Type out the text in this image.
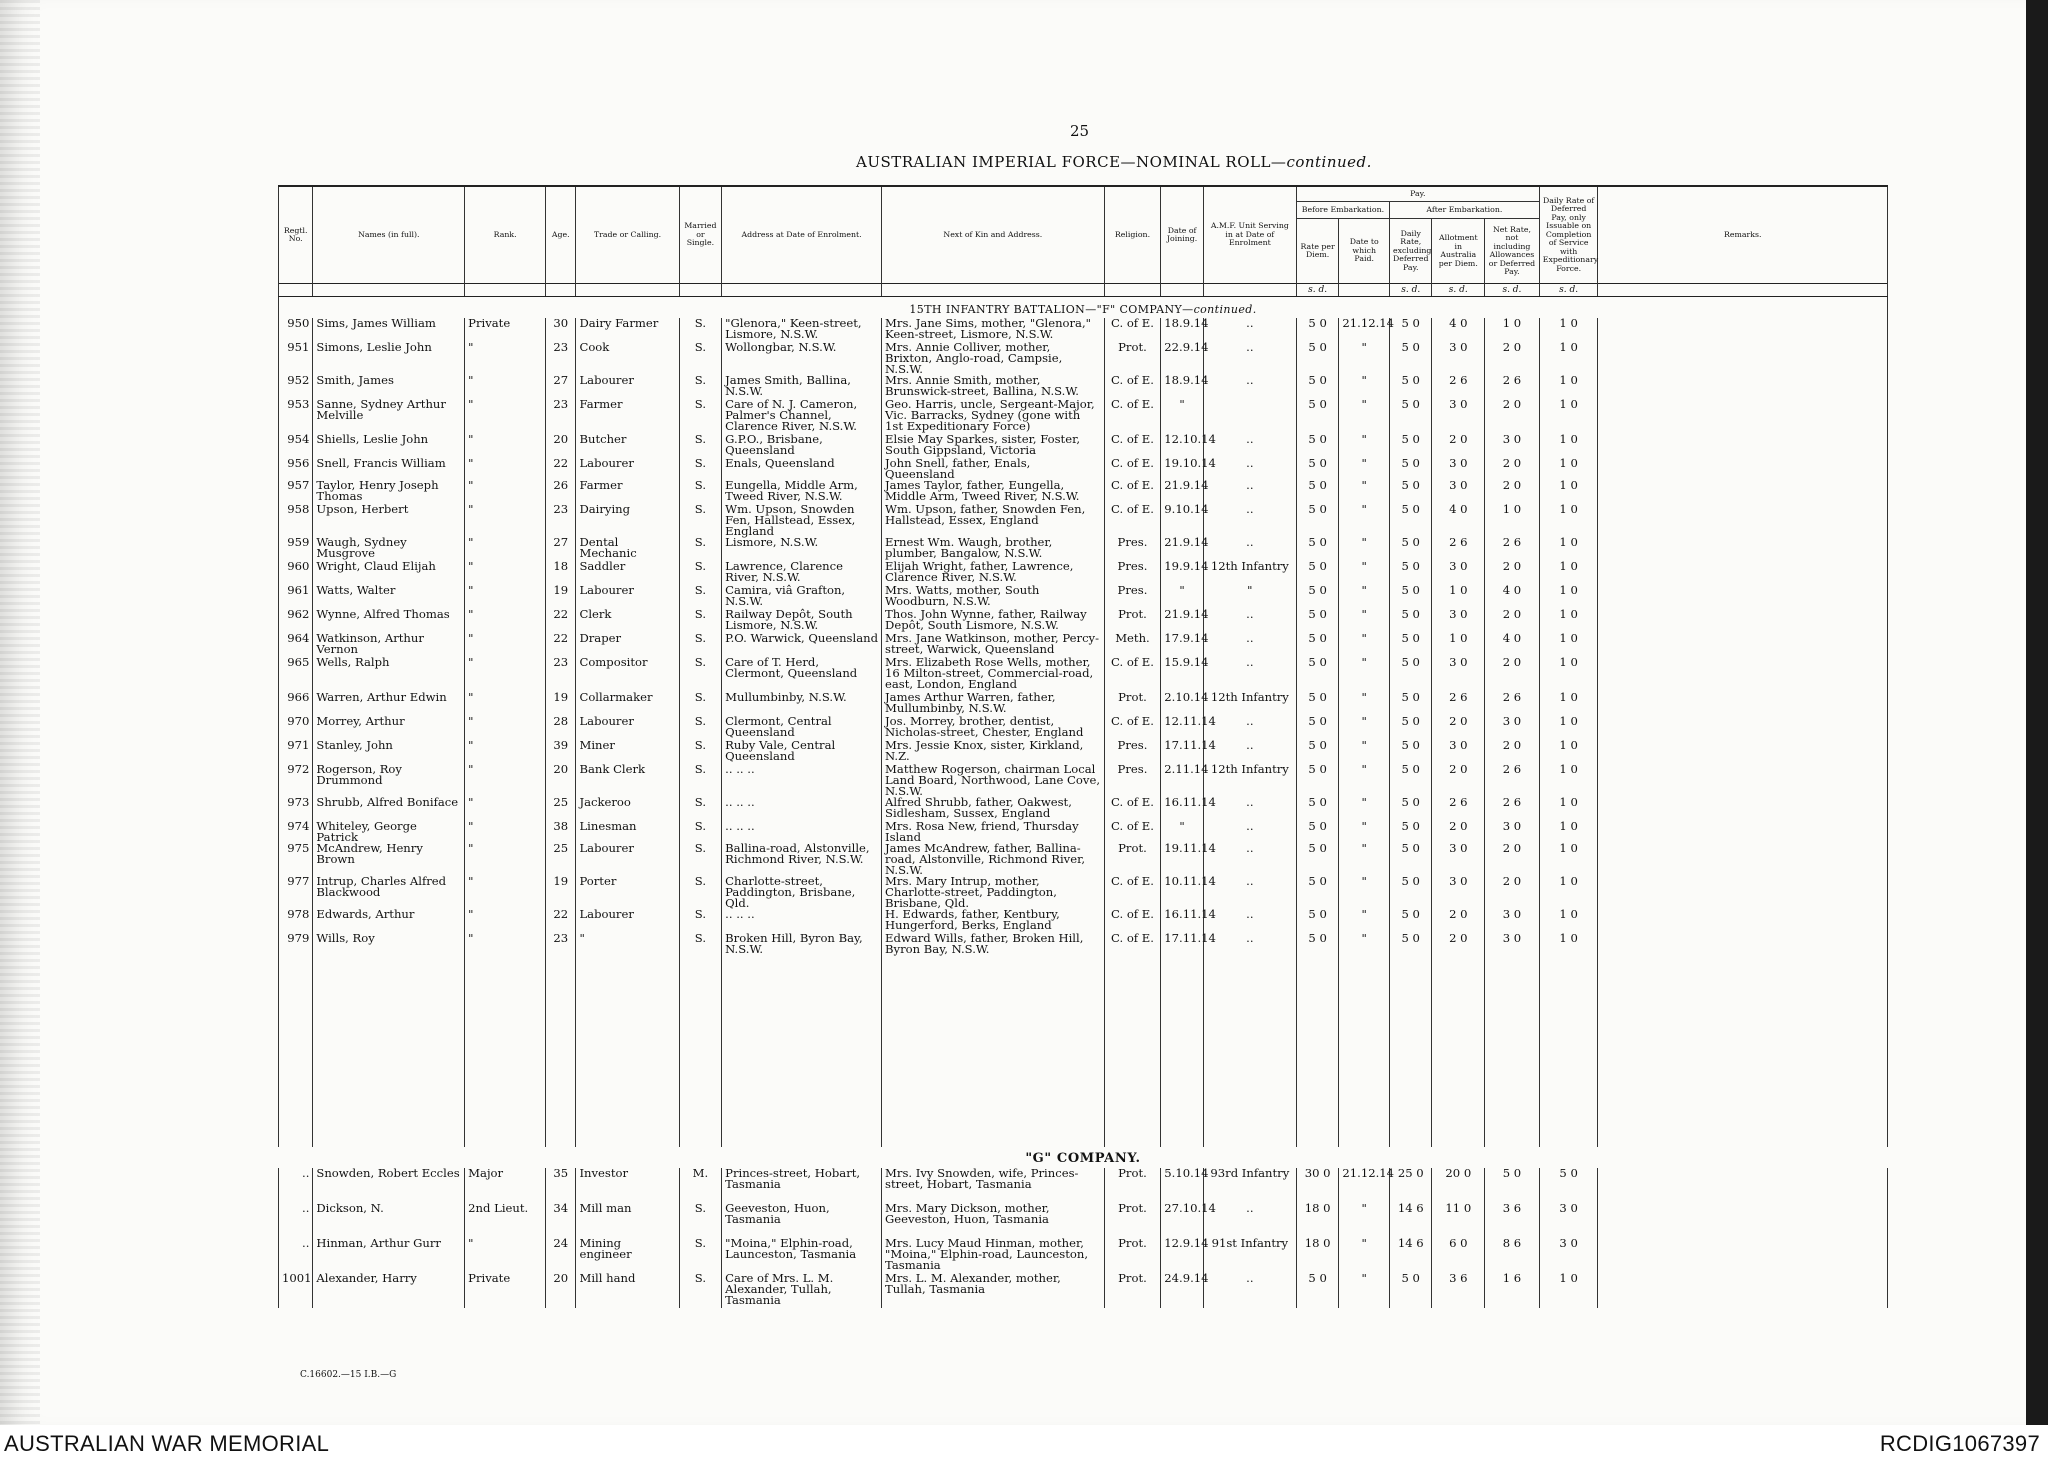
25
AUSTRALIAN IMPERIAL FORCE—NOMINAL ROLL—continued.
Regtl. No.	Names (in full).	Rank.	Age.	Trade or Calling.	Married or Single.	Address at Date of Enrolment.	Next of Kin and Address.	Religion.	Date of Joining.	A.M.F. Unit Serving in at Date of Enrolment	Pay.					Daily Rate of Deferred Pay, only Issuable on Completion of Service with Expeditionary Force.	Remarks.
											Before Embarkation.		After Embarkation.				
											Rate per Diem.	Date to which Paid.	Daily Rate, excluding Deferred Pay.	Allotment in Australia per Diem.	Net Rate, not including Allowances or Deferred Pay.		
											s. d.		s. d.	s. d.	s. d.	s. d.	
15TH INFANTRY BATTALION—"F" COMPANY—continued.																	
950	Sims, James William	Private	30	Dairy Farmer	S.	"Glenora," Keen-street, Lismore, N.S.W.	Mrs. Jane Sims, mother, "Glenora," Keen-street, Lismore, N.S.W.	C. of E.	18.9.14	..	5 0	21.12.14	5 0	4 0	1 0	1 0	
951	Simons, Leslie John	"	23	Cook	S.	Wollongbar, N.S.W.	Mrs. Annie Colliver, mother, Brixton, Anglo-road, Campsie, N.S.W.	Prot.	22.9.14	..	5 0	"	5 0	3 0	2 0	1 0	
952	Smith, James	"	27	Labourer	S.	James Smith, Ballina, N.S.W.	Mrs. Annie Smith, mother, Brunswick-street, Ballina, N.S.W.	C. of E.	18.9.14	..	5 0	"	5 0	2 6	2 6	1 0	
953	Sanne, Sydney Arthur Melville	"	23	Farmer	S.	Care of N. J. Cameron, Palmer's Channel, Clarence River, N.S.W.	Geo. Harris, uncle, Sergeant-Major, Vic. Barracks, Sydney (gone with 1st Expeditionary Force)	C. of E.	"		5 0	"	5 0	3 0	2 0	1 0	
954	Shiells, Leslie John	"	20	Butcher	S.	G.P.O., Brisbane, Queensland	Elsie May Sparkes, sister, Foster, South Gippsland, Victoria	C. of E.	12.10.14	..	5 0	"	5 0	2 0	3 0	1 0	
956	Snell, Francis William	"	22	Labourer	S.	Enals, Queensland	John Snell, father, Enals, Queensland	C. of E.	19.10.14	..	5 0	"	5 0	3 0	2 0	1 0	
957	Taylor, Henry Joseph Thomas	"	26	Farmer	S.	Eungella, Middle Arm, Tweed River, N.S.W.	James Taylor, father, Eungella, Middle Arm, Tweed River, N.S.W.	C. of E.	21.9.14	..	5 0	"	5 0	3 0	2 0	1 0	
958	Upson, Herbert	"	23	Dairying	S.	Wm. Upson, Snowden Fen, Hallstead, Essex, England	Wm. Upson, father, Snowden Fen, Hallstead, Essex, England	C. of E.	9.10.14	..	5 0	"	5 0	4 0	1 0	1 0	
959	Waugh, Sydney Musgrove	"	27	Dental Mechanic	S.	Lismore, N.S.W.	Ernest Wm. Waugh, brother, plumber, Bangalow, N.S.W.	Pres.	21.9.14	..	5 0	"	5 0	2 6	2 6	1 0	
960	Wright, Claud Elijah	"	18	Saddler	S.	Lawrence, Clarence River, N.S.W.	Elijah Wright, father, Lawrence, Clarence River, N.S.W.	Pres.	19.9.14	12th Infantry	5 0	"	5 0	3 0	2 0	1 0	
961	Watts, Walter	"	19	Labourer	S.	Camira, viâ Grafton, N.S.W.	Mrs. Watts, mother, South Woodburn, N.S.W.	Pres.	"	"	5 0	"	5 0	1 0	4 0	1 0	
962	Wynne, Alfred Thomas	"	22	Clerk	S.	Railway Depôt, South Lismore, N.S.W.	Thos. John Wynne, father, Railway Depôt, South Lismore, N.S.W.	Prot.	21.9.14	..	5 0	"	5 0	3 0	2 0	1 0	
964	Watkinson, Arthur Vernon	"	22	Draper	S.	P.O. Warwick, Queensland	Mrs. Jane Watkinson, mother, Percy-street, Warwick, Queensland	Meth.	17.9.14	..	5 0	"	5 0	1 0	4 0	1 0	
965	Wells, Ralph	"	23	Compositor	S.	Care of T. Herd, Clermont, Queensland	Mrs. Elizabeth Rose Wells, mother, 16 Milton-street, Commercial-road, east, London, England	C. of E.	15.9.14	..	5 0	"	5 0	3 0	2 0	1 0	
966	Warren, Arthur Edwin	"	19	Collarmaker	S.	Mullumbinby, N.S.W.	James Arthur Warren, father, Mullumbinby, N.S.W.	Prot.	2.10.14	12th Infantry	5 0	"	5 0	2 6	2 6	1 0	
970	Morrey, Arthur	"	28	Labourer	S.	Clermont, Central Queensland	Jos. Morrey, brother, dentist, Nicholas-street, Chester, England	C. of E.	12.11.14	..	5 0	"	5 0	2 0	3 0	1 0	
971	Stanley, John	"	39	Miner	S.	Ruby Vale, Central Queensland	Mrs. Jessie Knox, sister, Kirkland, N.Z.	Pres.	17.11.14	..	5 0	"	5 0	3 0	2 0	1 0	
972	Rogerson, Roy Drummond	"	20	Bank Clerk	S.	.. .. ..	Matthew Rogerson, chairman Local Land Board, Northwood, Lane Cove, N.S.W.	Pres.	2.11.14	12th Infantry	5 0	"	5 0	2 0	2 6	1 0	
973	Shrubb, Alfred Boniface	"	25	Jackeroo	S.	.. .. ..	Alfred Shrubb, father, Oakwest, Sidlesham, Sussex, England	C. of E.	16.11.14	..	5 0	"	5 0	2 6	2 6	1 0	
974	Whiteley, George Patrick	"	38	Linesman	S.	.. .. ..	Mrs. Rosa New, friend, Thursday Island	C. of E.	"	..	5 0	"	5 0	2 0	3 0	1 0	
975	McAndrew, Henry Brown	"	25	Labourer	S.	Ballina-road, Alstonville, Richmond River, N.S.W.	James McAndrew, father, Ballina-road, Alstonville, Richmond River, N.S.W.	Prot.	19.11.14	..	5 0	"	5 0	3 0	2 0	1 0	
977	Intrup, Charles Alfred Blackwood	"	19	Porter	S.	Charlotte-street, Paddington, Brisbane, Qld.	Mrs. Mary Intrup, mother, Charlotte-street, Paddington, Brisbane, Qld.	C. of E.	10.11.14	..	5 0	"	5 0	3 0	2 0	1 0	
978	Edwards, Arthur	"	22	Labourer	S.	.. .. ..	H. Edwards, father, Kentbury, Hungerford, Berks, England	C. of E.	16.11.14	..	5 0	"	5 0	2 0	3 0	1 0	
979	Wills, Roy	"	23	"	S.	Broken Hill, Byron Bay, N.S.W.	Edward Wills, father, Broken Hill, Byron Bay, N.S.W.	C. of E.	17.11.14	..	5 0	"	5 0	2 0	3 0	1 0	

"G" COMPANY.																	
..	Snowden, Robert Eccles	Major	35	Investor	M.	Princes-street, Hobart, Tasmania	Mrs. Ivy Snowden, wife, Princes-street, Hobart, Tasmania	Prot.	5.10.14	93rd Infantry	30 0	21.12.14	25 0	20 0	5 0	5 0	
..	Dickson, N.	2nd Lieut.	34	Mill man	S.	Geeveston, Huon, Tasmania	Mrs. Mary Dickson, mother, Geeveston, Huon, Tasmania	Prot.	27.10.14	..	18 0	"	14 6	11 0	3 6	3 0	
..	Hinman, Arthur Gurr	"	24	Mining engineer	S.	"Moina," Elphin-road, Launceston, Tasmania	Mrs. Lucy Maud Hinman, mother, "Moina," Elphin-road, Launceston, Tasmania	Prot.	12.9.14	91st Infantry	18 0	"	14 6	6 0	8 6	3 0	
1001	Alexander, Harry	Private	20	Mill hand	S.	Care of Mrs. L. M. Alexander, Tullah, Tasmania	Mrs. L. M. Alexander, mother, Tullah, Tasmania	Prot.	24.9.14	..	5 0	"	5 0	3 6	1 6	1 0	
C.16602.—15 I.B.—G
AUSTRALIAN WAR MEMORIAL	RCDIG1067397
